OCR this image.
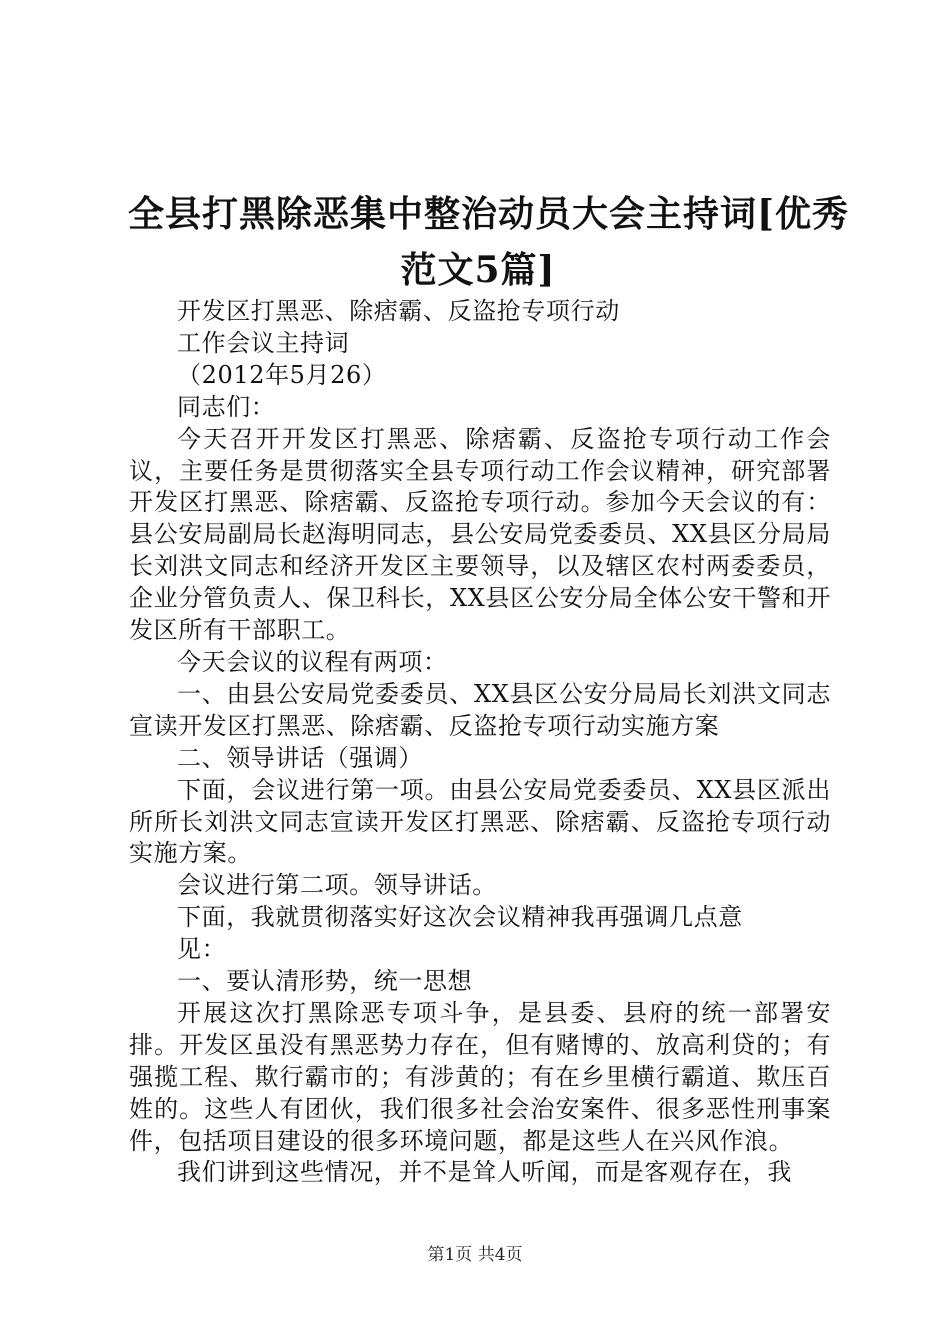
全县打黑除恶集中整治动员大会主持词[优秀
范文5篇]

开发区打黑恶、除痞霸、反盗抢专项行动

工作会议主持词

（2012年5月26）

同志们：

今天召开开发区打黑恶、除痞霸、反盗抢专项行动工作会议，主要任务是贯彻落实全县专项行动工作会议精神，研究部署开发区打黑恶、除痞霸、反盗抢专项行动。参加今天会议的有：县公安局副局长赵海明同志，县公安局党委委员、XX县区分局局长刘洪文同志和经济开发区主要领导，以及辖区农村两委委员，企业分管负责人、保卫科长，XX县区公安分局全体公安干警和开发区所有干部职工。

今天会议的议程有两项：

一、由县公安局党委委员、XX县区公安分局局长刘洪文同志宣读开发区打黑恶、除痞霸、反盗抢专项行动实施方案

二、领导讲话（强调）

下面，会议进行第一项。由县公安局党委委员、XX县区派出所所长刘洪文同志宣读开发区打黑恶、除痞霸、反盗抢专项行动实施方案。

会议进行第二项。领导讲话。

下面，我就贯彻落实好这次会议精神我再强调几点意

见：

一、要认清形势，统一思想

开展这次打黑除恶专项斗争，是县委、县府的统一部署安排。开发区虽没有黑恶势力存在，但有赌博的、放高利贷的；有强揽工程、欺行霸市的；有涉黄的；有在乡里横行霸道、欺压百姓的。这些人有团伙，我们很多社会治安案件、很多恶性刑事案件，包括项目建设的很多环境问题，都是这些人在兴风作浪。

我们讲到这些情况，并不是耸人听闻，而是客观存在，我

第1页 共4页
